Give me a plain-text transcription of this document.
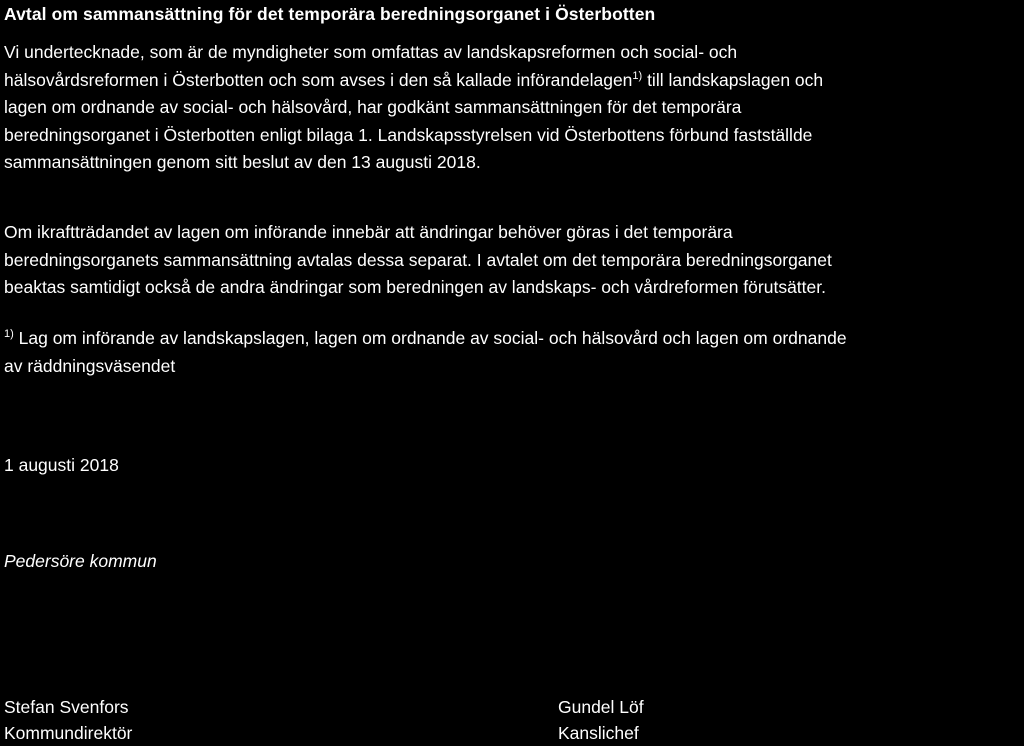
Avtal om sammansättning för det temporära beredningsorganet i Österbotten
Vi undertecknade, som är de myndigheter som omfattas av landskapsreformen och social- och
hälsovårdsreformen i Österbotten och som avses i den så kallade införandelagen$^{1)}$ till landskapslagen och
lagen om ordnande av social- och hälsovård, har godkänt sammansättningen för det temporära
beredningsorganet i Österbotten enligt bilaga 1. Landskapsstyrelsen vid Österbottens förbund fastställde
sammansättningen genom sitt beslut av den 13 augusti 2018.
Om ikraftträdandet av lagen om införande innebär att ändringar behöver göras i det temporära
beredningsorganets sammansättning avtalas dessa separat. I avtalet om det temporära beredningsorganet
beaktas samtidigt också de andra ändringar som beredningen av landskaps- och vårdreformen förutsätter.
$^{1)}$ Lag om införande av landskapslagen, lagen om ordnande av social- och hälsovård och lagen om ordnande
av räddningsväsendet
1 augusti 2018
Pedersöre kommun
Stefan Svenfors
Kommundirektör
Gundel Löf
Kanslichef
